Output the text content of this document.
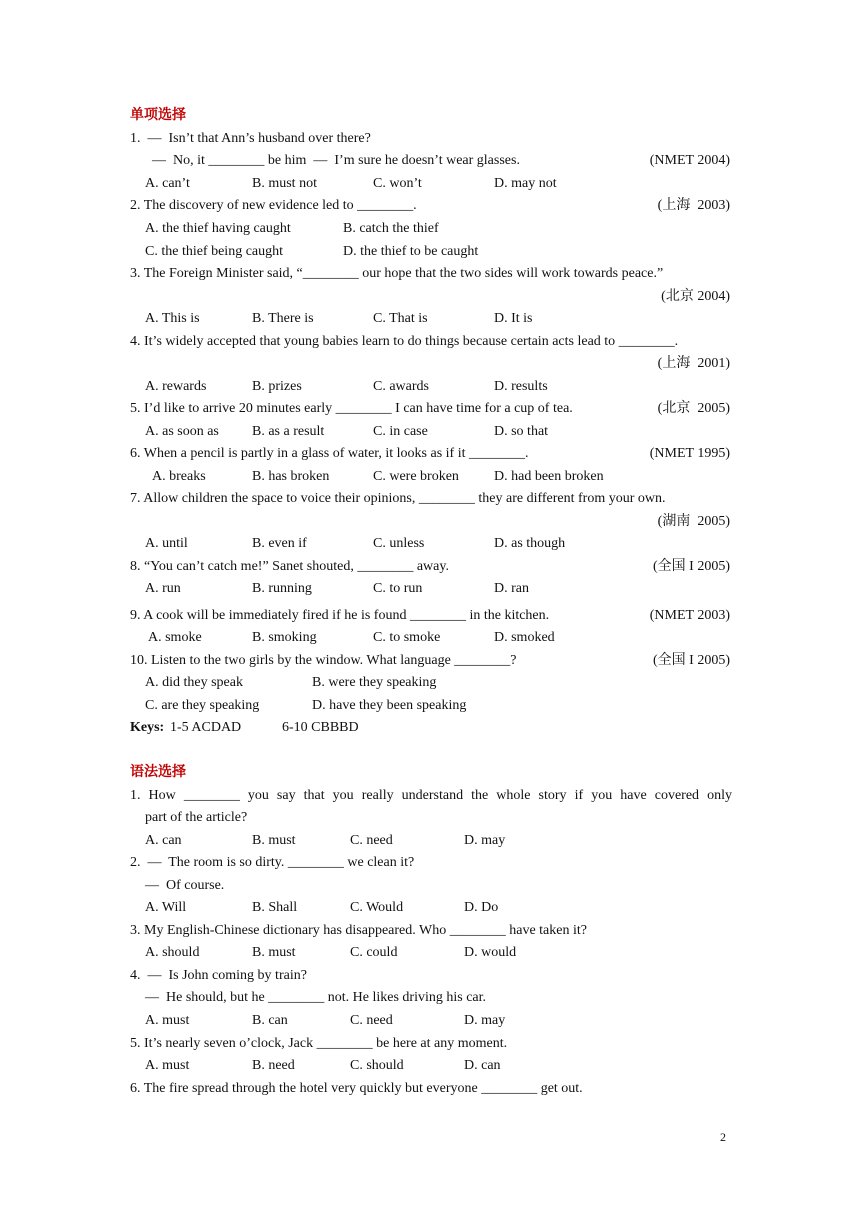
单项选择
1.  —  Isn’t that Ann’s husband over there?
—  No, it ________ be him  —  I’m sure he doesn’t wear glasses.	(NMET 2004)
A. can’t	B. must not	C. won’t	D. may not
2. The discovery of new evidence led to ________.	(上海  2003)
A. the thief having caught	B. catch the thief
C. the thief being caught	D. the thief to be caught
3. The Foreign Minister said, “________ our hope that the two sides will work towards peace.”
(北京 2004)
A. This is	B. There is	C. That is	D. It is
4. It’s widely accepted that young babies learn to do things because certain acts lead to ________.
(上海  2001)
A. rewards	B. prizes	C. awards	D. results
5. I’d like to arrive 20 minutes early ________ I can have time for a cup of tea.	(北京  2005)
A. as soon as B. as a result	C. in case	D. so that
6. When a pencil is partly in a glass of water, it looks as if it ________.	(NMET 1995)
A. breaks	B. has broken	C. were broken	D. had been broken
7. Allow children the space to voice their opinions, ________ they are different from your own.
(湖南  2005)
A. until	B. even if	C. unless	D. as though
8. “You can’t catch me!” Sanet shouted, ________ away.	(全国 I 2005)
A. run	B. running	C. to run	D. ran
9. A cook will be immediately fired if he is found ________ in the kitchen.	(NMET 2003)
A. smoke	B. smoking	C. to smoke	D. smoked
10. Listen to the two girls by the window. What language ________?	(全国 I 2005)
A. did they speak	B. were they speaking
C. are they speaking	D. have they been speaking
Keys: 1-5 ACDAD	6-10 CBBBD
语法选择
1. How ________ you say that you really understand the whole story if you have covered only
part of the article?
A. can	B. must	C. need	D. may
2.  —  The room is so dirty. ________ we clean it?
—  Of course.
A. Will	B. Shall	C. Would	D. Do
3. My English-Chinese dictionary has disappeared. Who ________ have taken it?
A. should	B. must	C. could	D. would
4.  —  Is John coming by train?
—  He should, but he ________ not. He likes driving his car.
A. must	B. can	C. need	D. may
5. It’s nearly seven o’clock, Jack ________ be here at any moment.
A. must	B. need	C. should	D. can
6. The fire spread through the hotel very quickly but everyone ________ get out.
2
